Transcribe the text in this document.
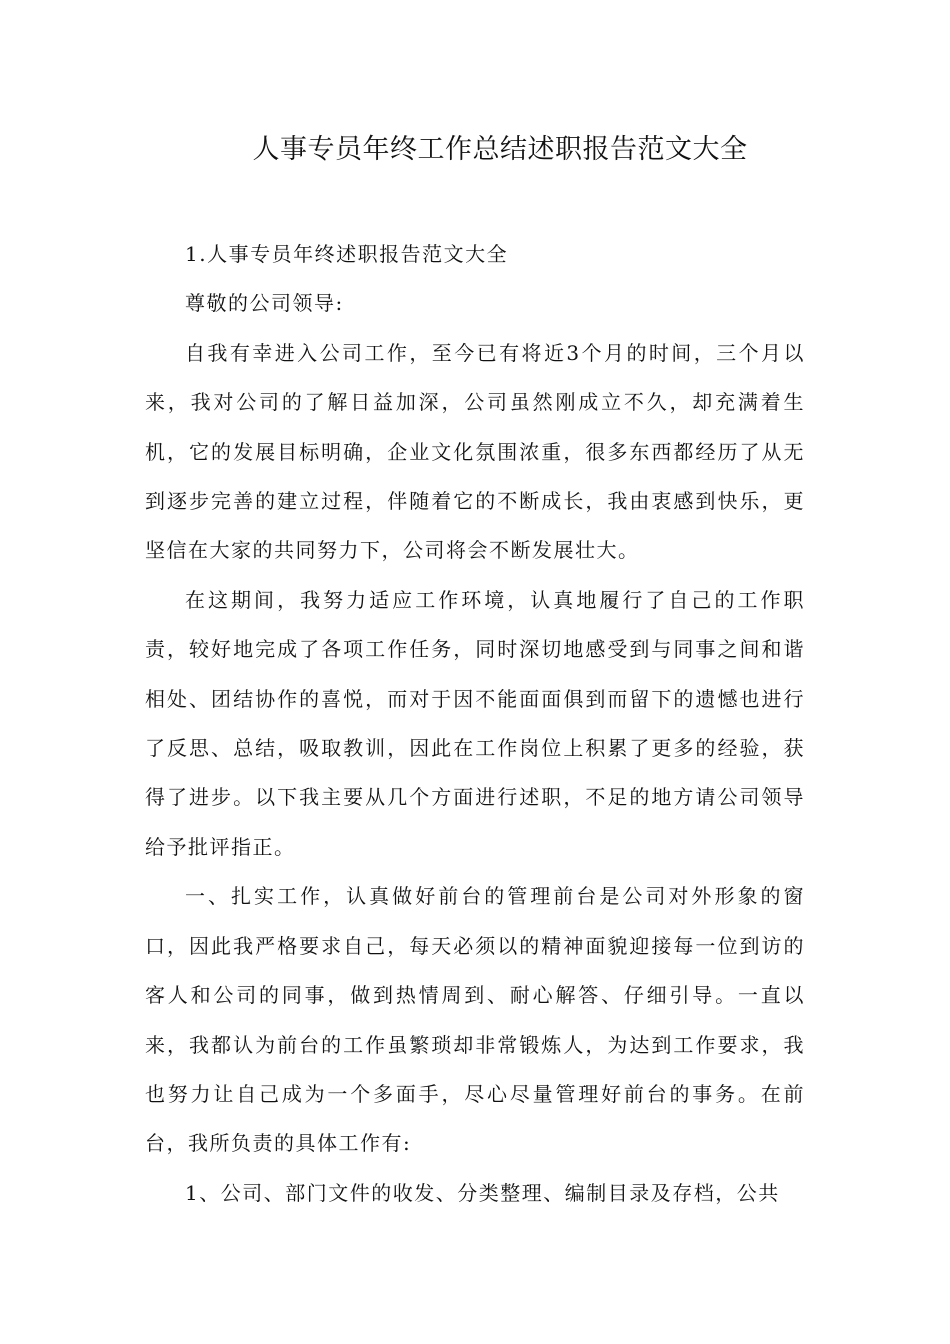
人事专员年终工作总结述职报告范文大全

1.人事专员年终述职报告范文大全

尊敬的公司领导:

自我有幸进入公司工作，至今已有将近3个月的时间，三个月以来，我对公司的了解日益加深，公司虽然刚成立不久，却充满着生机，它的发展目标明确，企业文化氛围浓重，很多东西都经历了从无到逐步完善的建立过程，伴随着它的不断成长，我由衷感到快乐，更坚信在大家的共同努力下，公司将会不断发展壮大。

在这期间，我努力适应工作环境，认真地履行了自己的工作职责，较好地完成了各项工作任务，同时深切地感受到与同事之间和谐相处、团结协作的喜悦，而对于因不能面面俱到而留下的遗憾也进行了反思、总结，吸取教训，因此在工作岗位上积累了更多的经验，获得了进步。以下我主要从几个方面进行述职，不足的地方请公司领导给予批评指正。

一、扎实工作，认真做好前台的管理前台是公司对外形象的窗口，因此我严格要求自己，每天必须以的精神面貌迎接每一位到访的客人和公司的同事，做到热情周到、耐心解答、仔细引导。一直以来，我都认为前台的工作虽繁琐却非常锻炼人，为达到工作要求，我也努力让自己成为一个多面手，尽心尽量管理好前台的事务。在前台，我所负责的具体工作有:

1、公司、部门文件的收发、分类整理、编制目录及存档，公共
